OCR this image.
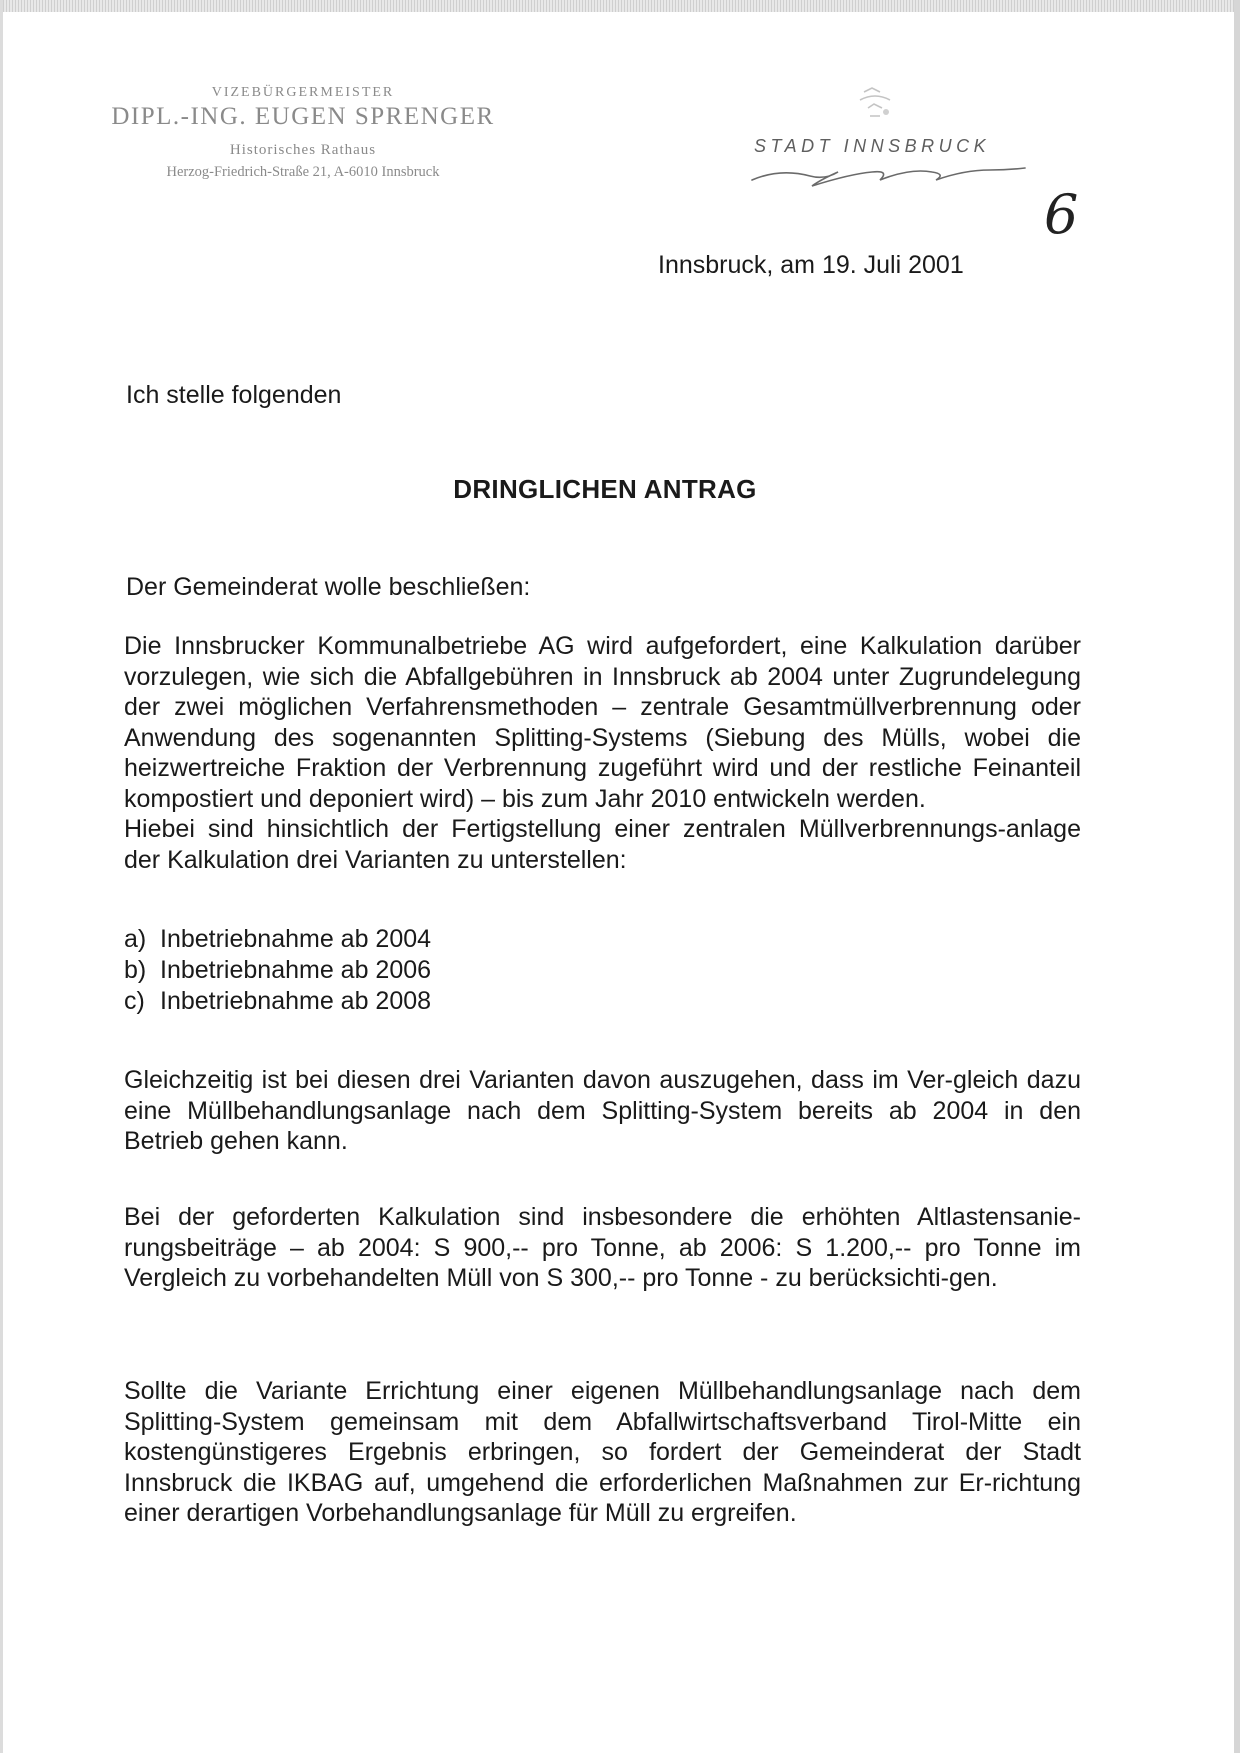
VIZEBÜRGERMEISTER
DIPL.-ING. EUGEN SPRENGER
Historisches Rathaus
Herzog-Friedrich-Straße 21, A-6010 Innsbruck
STADT INNSBRUCK
6
Innsbruck, am 19. Juli 2001
Ich stelle folgenden
DRINGLICHEN ANTRAG
Der Gemeinderat wolle beschließen:
Die Innsbrucker Kommunalbetriebe AG wird aufgefordert, eine Kalkulation darüber vorzulegen, wie sich die Abfallgebühren in Innsbruck ab 2004 unter Zugrundelegung der zwei möglichen Verfahrensmethoden – zentrale Gesamtmüllverbrennung oder Anwendung des sogenannten Splitting-Systems (Siebung des Mülls, wobei die heizwertreiche Fraktion der Verbrennung zugeführt wird und der restliche Feinanteil kompostiert und deponiert wird) – bis zum Jahr 2010 entwickeln werden.
Hiebei sind hinsichtlich der Fertigstellung einer zentralen Müllverbrennungs-anlage der Kalkulation drei Varianten zu unterstellen:
a) Inbetriebnahme ab 2004
b) Inbetriebnahme ab 2006
c) Inbetriebnahme ab 2008
Gleichzeitig ist bei diesen drei Varianten davon auszugehen, dass im Ver-gleich dazu eine Müllbehandlungsanlage nach dem Splitting-System bereits ab 2004 in den Betrieb gehen kann.
Bei der geforderten Kalkulation sind insbesondere die erhöhten Altlastensanie-rungsbeiträge – ab 2004: S 900,-- pro Tonne, ab 2006: S 1.200,-- pro Tonne im Vergleich zu vorbehandelten Müll von S 300,-- pro Tonne - zu berücksichti-gen.
Sollte die Variante Errichtung einer eigenen Müllbehandlungsanlage nach dem Splitting-System gemeinsam mit dem Abfallwirtschaftsverband Tirol-Mitte ein kostengünstigeres Ergebnis erbringen, so fordert der Gemeinderat der Stadt Innsbruck die IKBAG auf, umgehend die erforderlichen Maßnahmen zur Er-richtung einer derartigen Vorbehandlungsanlage für Müll zu ergreifen.
